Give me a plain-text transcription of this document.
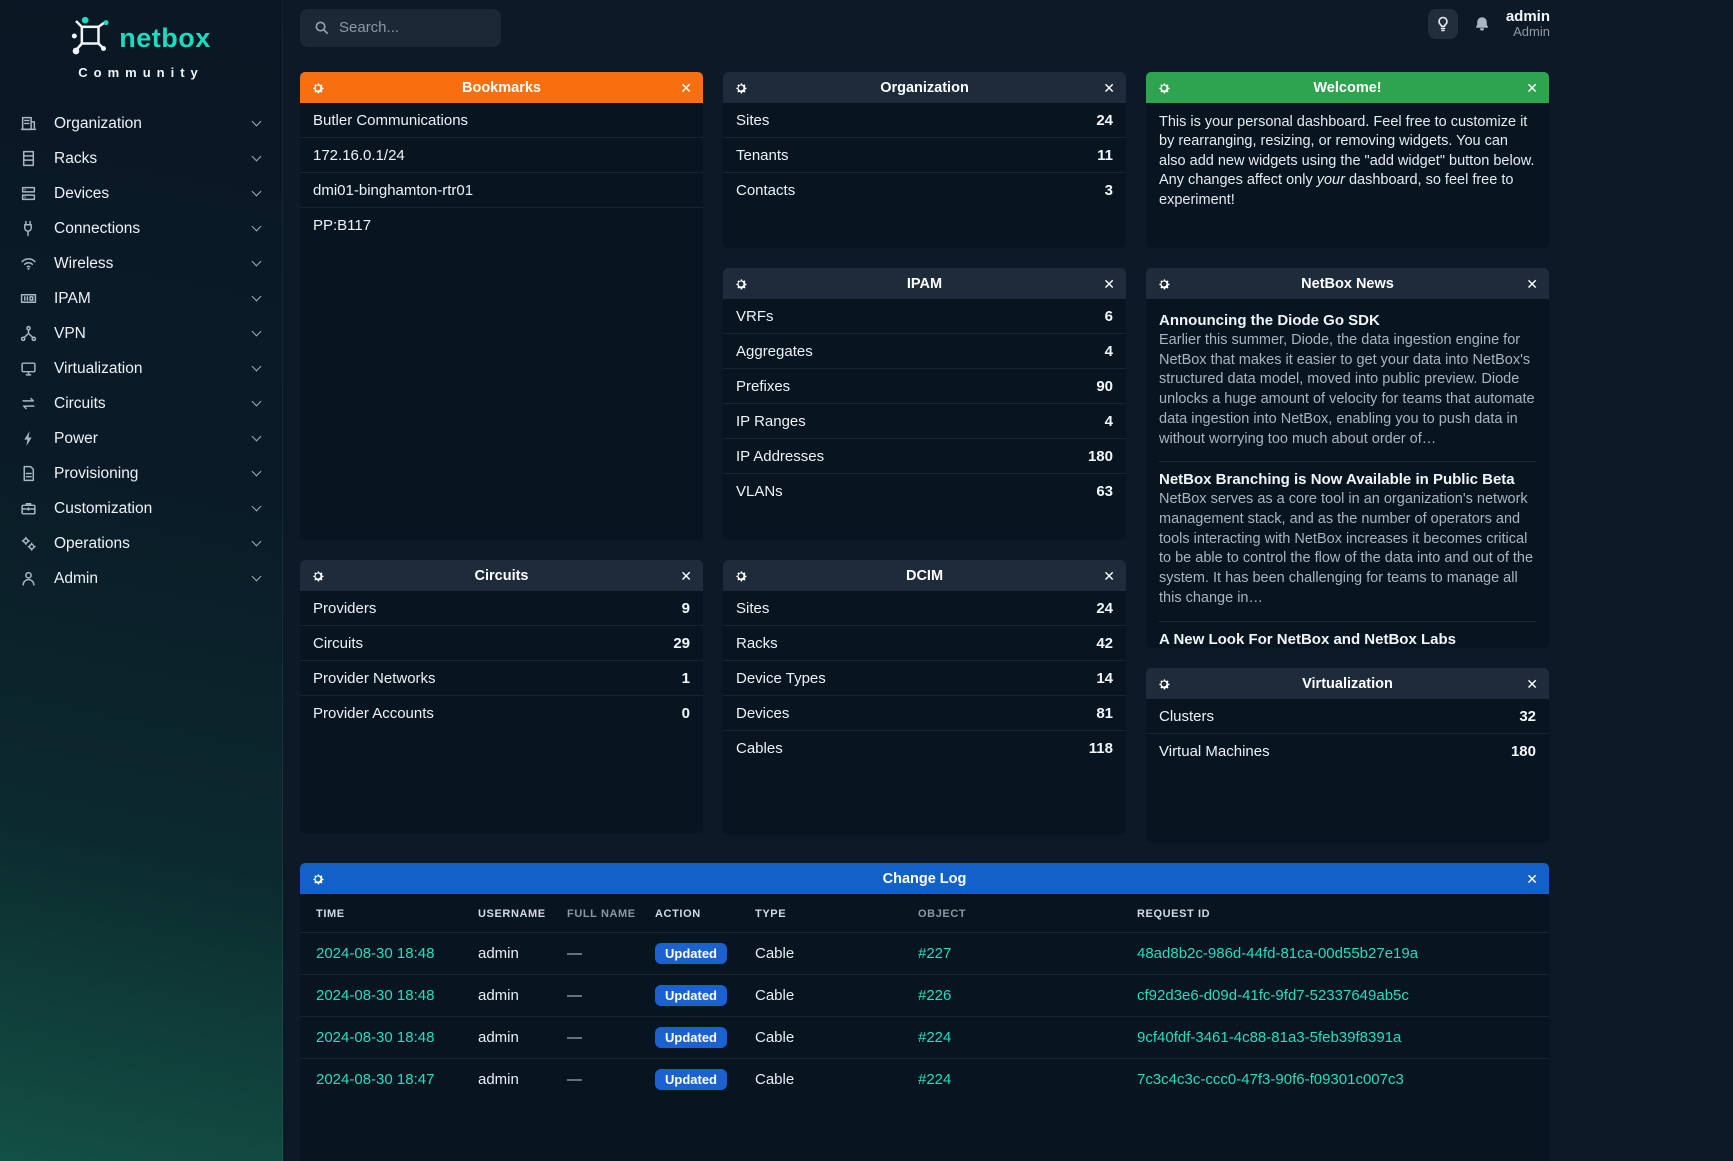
netbox
Community
Organization
Racks
Devices
Connections
Wireless
IPAM
VPN
Virtualization
Circuits
Power
Provisioning
Customization
Operations
Admin
Search...
admin
Admin
Bookmarks	✕
Butler Communications
172.16.0.1/24
dmi01-binghamton-rtr01
PP:B117
Circuits	✕
Providers	9
Circuits	29
Provider Networks	1
Provider Accounts	0
Organization	✕
Sites	24
Tenants	11
Contacts	3
IPAM	✕
VRFs	6
Aggregates	4
Prefixes	90
IP Ranges	4
IP Addresses	180
VLANs	63
DCIM	✕
Sites	24
Racks	42
Device Types	14
Devices	81
Cables	118
Welcome!	✕
This is your personal dashboard. Feel free to customize it by rearranging, resizing, or removing widgets. You can also add new widgets using the "add widget" button below. Any changes affect only your dashboard, so feel free to experiment!
NetBox News	✕
Announcing the Diode Go SDK
Earlier this summer, Diode, the data ingestion engine for NetBox that makes it easier to get your data into NetBox's structured data model, moved into public preview. Diode unlocks a huge amount of velocity for teams that automate data ingestion into NetBox, enabling you to push data in without worrying too much about order of…
NetBox Branching is Now Available in Public Beta
NetBox serves as a core tool in an organization's network management stack, and as the number of operators and tools interacting with NetBox increases it becomes critical to be able to control the flow of the data into and out of the system. It has been challenging for teams to manage all this change in…
A New Look For NetBox and NetBox Labs
Virtualization	✕
Clusters	32
Virtual Machines	180
Change Log	✕
TIME	USERNAME	FULL NAME	ACTION	TYPE	OBJECT	REQUEST ID
2024-08-30 18:48	admin	—	Updated	Cable	#227	48ad8b2c-986d-44fd-81ca-00d55b27e19a
2024-08-30 18:48	admin	—	Updated	Cable	#226	cf92d3e6-d09d-41fc-9fd7-52337649ab5c
2024-08-30 18:48	admin	—	Updated	Cable	#224	9cf40fdf-3461-4c88-81a3-5feb39f8391a
2024-08-30 18:47	admin	—	Updated	Cable	#224	7c3c4c3c-ccc0-47f3-90f6-f09301c007c3
